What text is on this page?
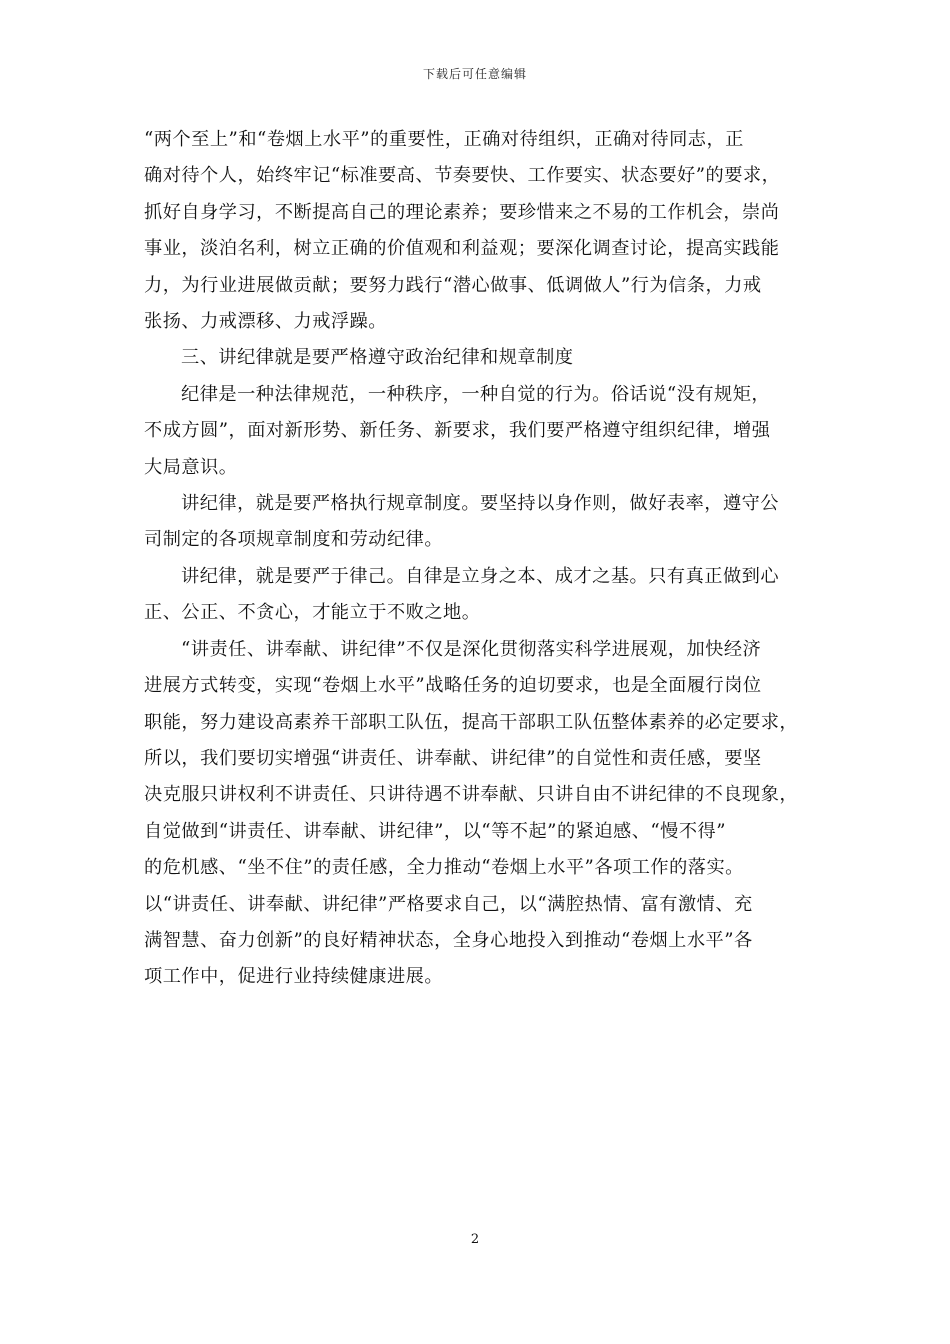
下载后可任意编辑

“两个至上”和“卷烟上水平”的重要性，正确对待组织，正确对待同志，正
确对待个人，始终牢记“标准要高、节奏要快、工作要实、状态要好”的要求，
抓好自身学习，不断提高自己的理论素养；要珍惜来之不易的工作机会，崇尚
事业，淡泊名利，树立正确的价值观和利益观；要深化调查讨论，提高实践能
力，为行业进展做贡献；要努力践行“潜心做事、低调做人”行为信条，力戒
张扬、力戒漂移、力戒浮躁。

三、讲纪律就是要严格遵守政治纪律和规章制度

纪律是一种法律规范，一种秩序，一种自觉的行为。俗话说“没有规矩，
不成方圆”，面对新形势、新任务、新要求，我们要严格遵守组织纪律，增强
大局意识。

讲纪律，就是要严格执行规章制度。要坚持以身作则，做好表率，遵守公
司制定的各项规章制度和劳动纪律。

讲纪律，就是要严于律己。自律是立身之本、成才之基。只有真正做到心
正、公正、不贪心，才能立于不败之地。

“讲责任、讲奉献、讲纪律”不仅是深化贯彻落实科学进展观，加快经济
进展方式转变，实现“卷烟上水平”战略任务的迫切要求，也是全面履行岗位
职能，努力建设高素养干部职工队伍，提高干部职工队伍整体素养的必定要求，
所以，我们要切实增强“讲责任、讲奉献、讲纪律”的自觉性和责任感，要坚
决克服只讲权利不讲责任、只讲待遇不讲奉献、只讲自由不讲纪律的不良现象，
自觉做到“讲责任、讲奉献、讲纪律”，以“等不起”的紧迫感、“慢不得”
的危机感、“坐不住”的责任感，全力推动“卷烟上水平”各项工作的落实。
以“讲责任、讲奉献、讲纪律”严格要求自己，以“满腔热情、富有激情、充
满智慧、奋力创新”的良好精神状态，全身心地投入到推动“卷烟上水平”各
项工作中，促进行业持续健康进展。

2
